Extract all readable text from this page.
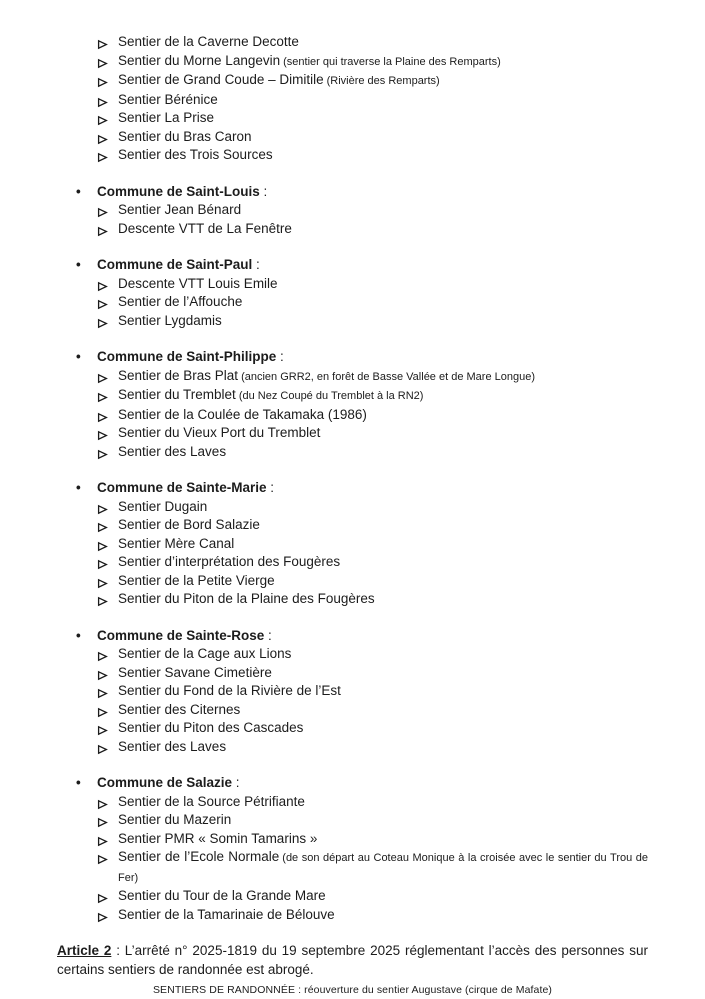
Sentier de la Caverne Decotte
Sentier du Morne Langevin (sentier qui traverse la Plaine des Remparts)
Sentier de Grand Coude – Dimitile (Rivière des Remparts)
Sentier Bérénice
Sentier La Prise
Sentier du Bras Caron
Sentier des Trois Sources
• Commune de Saint-Louis :
Sentier Jean Bénard
Descente VTT de La Fenêtre
• Commune de Saint-Paul :
Descente VTT Louis Emile
Sentier de l’Affouche
Sentier Lygdamis
• Commune de Saint-Philippe :
Sentier de Bras Plat (ancien GRR2, en forêt de Basse Vallée et de Mare Longue)
Sentier du Tremblet (du Nez Coupé du Tremblet à la RN2)
Sentier de la Coulée de Takamaka (1986)
Sentier du Vieux Port du Tremblet
Sentier des Laves
• Commune de Sainte-Marie :
Sentier Dugain
Sentier de Bord Salazie
Sentier Mère Canal
Sentier d’interprétation des Fougères
Sentier de la Petite Vierge
Sentier du Piton de la Plaine des Fougères
• Commune de Sainte-Rose :
Sentier de la Cage aux Lions
Sentier Savane Cimetière
Sentier du Fond de la Rivière de l’Est
Sentier des Citernes
Sentier du Piton des Cascades
Sentier des Laves
• Commune de Salazie :
Sentier de la Source Pétrifiante
Sentier du Mazerin
Sentier PMR « Somin Tamarins »
Sentier de l’Ecole Normale (de son départ au Coteau Monique à la croisée avec le sentier du Trou de Fer)
Sentier du Tour de la Grande Mare
Sentier de la Tamarinaie de Bélouve

Article 2 : L’arrêté n° 2025-1819 du 19 septembre 2025 réglementant l’accès des personnes sur certains sentiers de randonnée est abrogé.

SENTIERS DE RANDONNÉE : réouverture du sentier Augustave (cirque de Mafate)
